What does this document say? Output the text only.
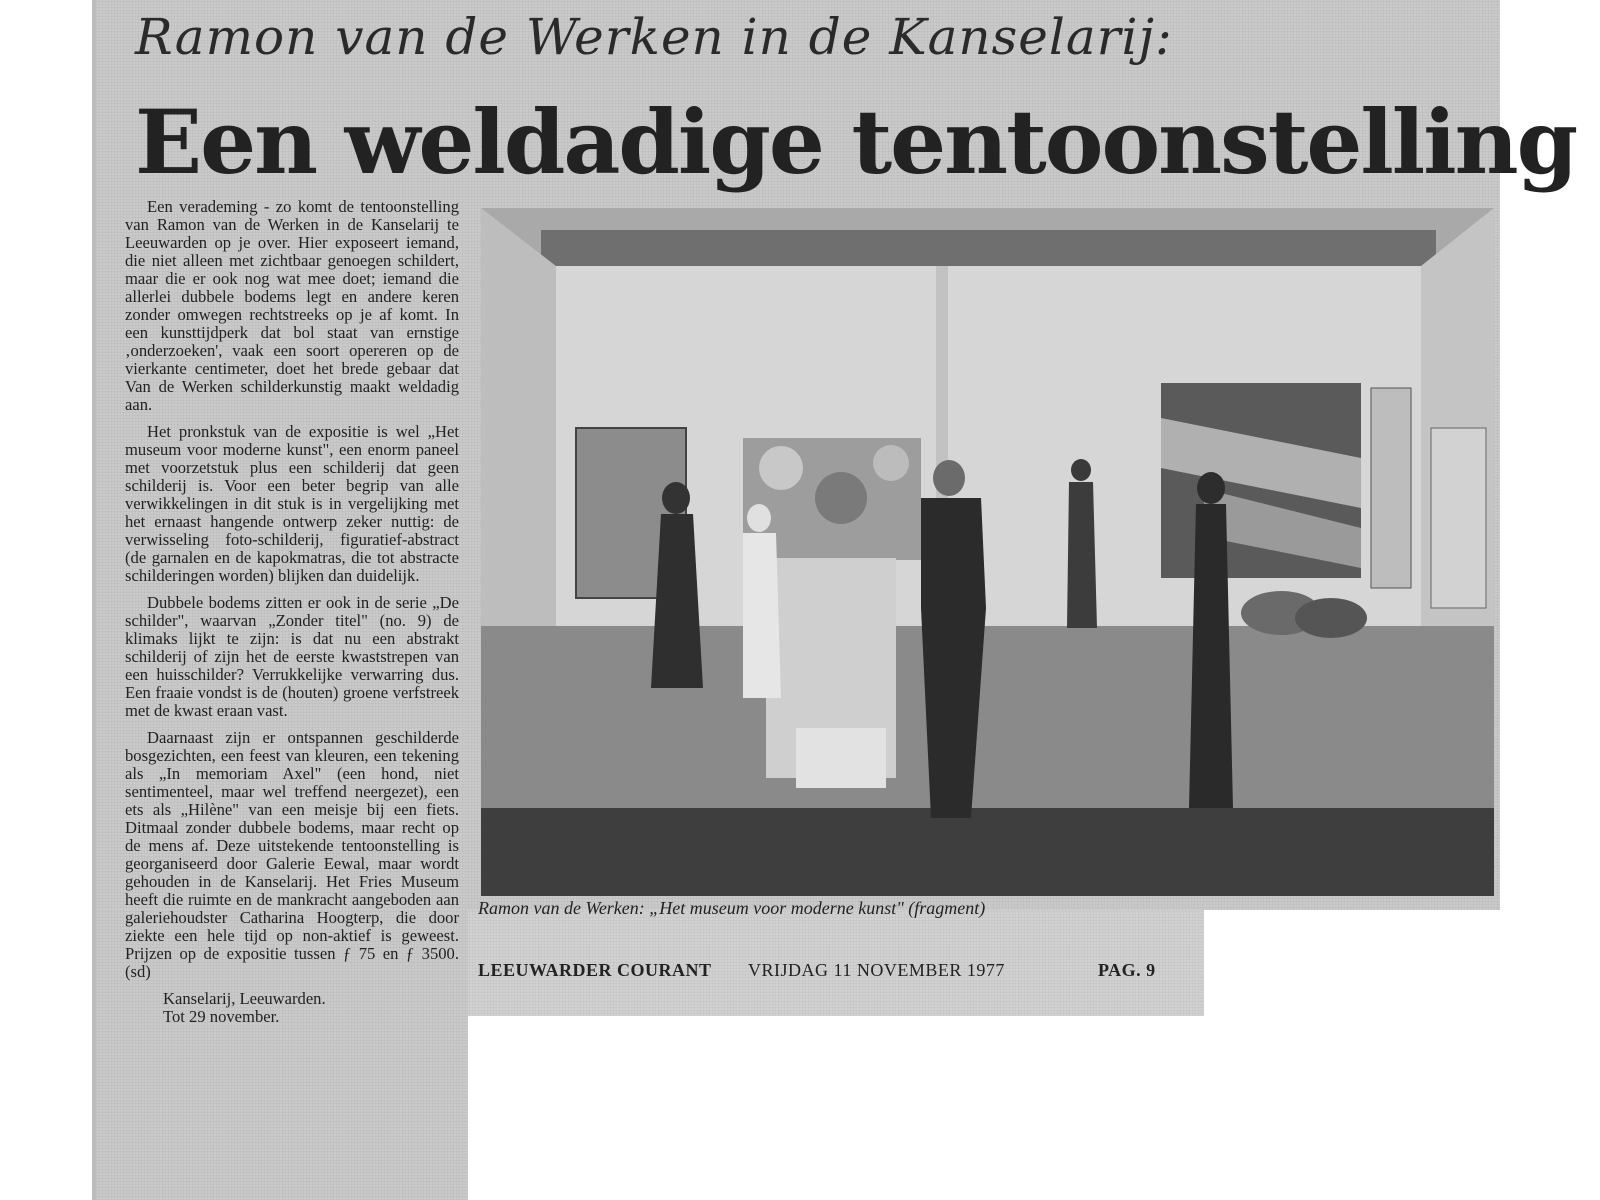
Ramon van de Werken in de Kanselarij:
Een weldadige tentoonstelling

Een verademing - zo komt de tentoonstelling van Ramon van de Werken in de Kanselarij te Leeuwarden op je over. Hier exposeert iemand, die niet alleen met zichtbaar genoegen schildert, maar die er ook nog wat mee doet; iemand die allerlei dubbele bodems legt en andere keren zonder omwegen rechtstreeks op je af komt. In een kunsttijdperk dat bol staat van ernstige ‚onderzoeken', vaak een soort opereren op de vierkante centimeter, doet het brede gebaar dat Van de Werken schilderkunstig maakt weldadig aan.

Het pronkstuk van de expositie is wel „Het museum voor moderne kunst", een enorm paneel met voorzetstuk plus een schilderij dat geen schilderij is. Voor een beter begrip van alle verwikkelingen in dit stuk is in vergelijking met het ernaast hangende ontwerp zeker nuttig: de verwisseling foto-schilderij, figuratief-abstract (de garnalen en de kapokmatras, die tot abstracte schilderingen worden) blijken dan duidelijk.

Dubbele bodems zitten er ook in de serie „De schilder", waarvan „Zonder titel" (no. 9) de klimaks lijkt te zijn: is dat nu een abstrakt schilderij of zijn het de eerste kwaststrepen van een huisschilder? Verrukkelijke verwarring dus. Een fraaie vondst is de (houten) groene verfstreek met de kwast eraan vast.

Daarnaast zijn er ontspannen geschilderde bosgezichten, een feest van kleuren, een tekening als „In memoriam Axel" (een hond, niet sentimenteel, maar wel treffend neergezet), een ets als „Hilène" van een meisje bij een fiets. Ditmaal zonder dubbele bodems, maar recht op de mens af. Deze uitstekende tentoonstelling is georganiseerd door Galerie Eewal, maar wordt gehouden in de Kanselarij. Het Fries Museum heeft die ruimte en de mankracht aangeboden aan galeriehoudster Catharina Hoogterp, die door ziekte een hele tijd op non-aktief is geweest. Prijzen op de expositie tussen ƒ 75 en ƒ 3500. (sd)

Kanselarij, Leeuwarden.
Tot 29 november.
Ramon van de Werken: „Het museum voor moderne kunst" (fragment)
LEEUWARDER COURANT VRIJDAG 11 NOVEMBER 1977	PAG. 9
